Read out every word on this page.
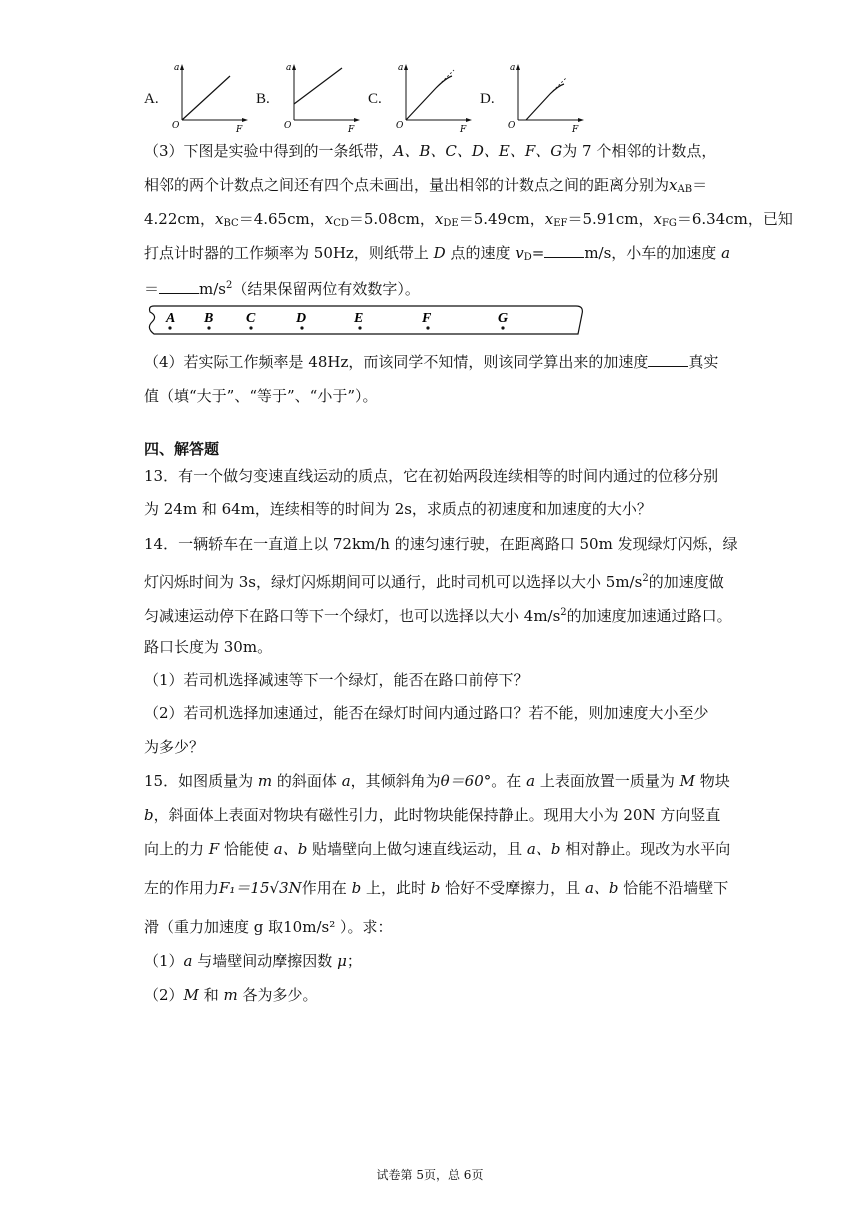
A.
a
O	F
B.
a
O	F
C.
a
O	F
D.
a
O	F
（3）下图是实验中得到的一条纸带，A、B、C、D、E、F、G为 7 个相邻的计数点，
相邻的两个计数点之间还有四个点未画出，量出相邻的计数点之间的距离分别为$x_{AB}=$
4.22cm，$x_{BC}=4.65cm$，$x_{CD}=5.08cm$，$x_{DE}=5.49cm$，$x_{EF}=5.91cm$，$x_{FG}=6.34cm$，已知
打点计时器的工作频率为 50Hz，则纸带上 D 点的速度 $v_D=$	m/s，小车的加速度 a
＝	$m/s^2$（结果保留两位有效数字）。
A B C	D	E	F	G
（4）若实际工作频率是 48Hz，而该同学不知情，则该同学算出来的加速度	真实
值（填“大于”、“等于”、“小于”）。
四、解答题
13．有一个做匀变速直线运动的质点，它在初始两段连续相等的时间内通过的位移分别
为 24m 和 64m，连续相等的时间为 2s，求质点的初速度和加速度的大小？
14．一辆轿车在一直道上以 72km/h 的速匀速行驶，在距离路口 50m 发现绿灯闪烁，绿
灯闪烁时间为 3s，绿灯闪烁期间可以通行，此时司机可以选择以大小 $5m/s^2$的加速度做
匀减速运动停下在路口等下一个绿灯，也可以选择以大小 $4m/s^2$的加速度加速通过路口。
路口长度为 30m。
（1）若司机选择减速等下一个绿灯，能否在路口前停下？
（2）若司机选择加速通过，能否在绿灯时间内通过路口？若不能，则加速度大小至少
为多少？
15．如图质量为 m 的斜面体 a，其倾斜角为θ＝60°。在 a 上表面放置一质量为 M 物块
b，斜面体上表面对物块有磁性引力，此时物块能保持静止。现用大小为 20N 方向竖直
向上的力 F 恰能使 a、b 贴墙壁向上做匀速直线运动，且 a、b 相对静止。现改为水平向
左的作用力F₁＝15√3N作用在 b 上，此时 b 恰好不受摩擦力，且 a、b 恰能不沿墙壁下
滑（重力加速度 g 取10m/s² ）。求：
（1）a 与墙壁间动摩擦因数 μ；
（2）M 和 m 各为多少。
试卷第 5页，总 6页
